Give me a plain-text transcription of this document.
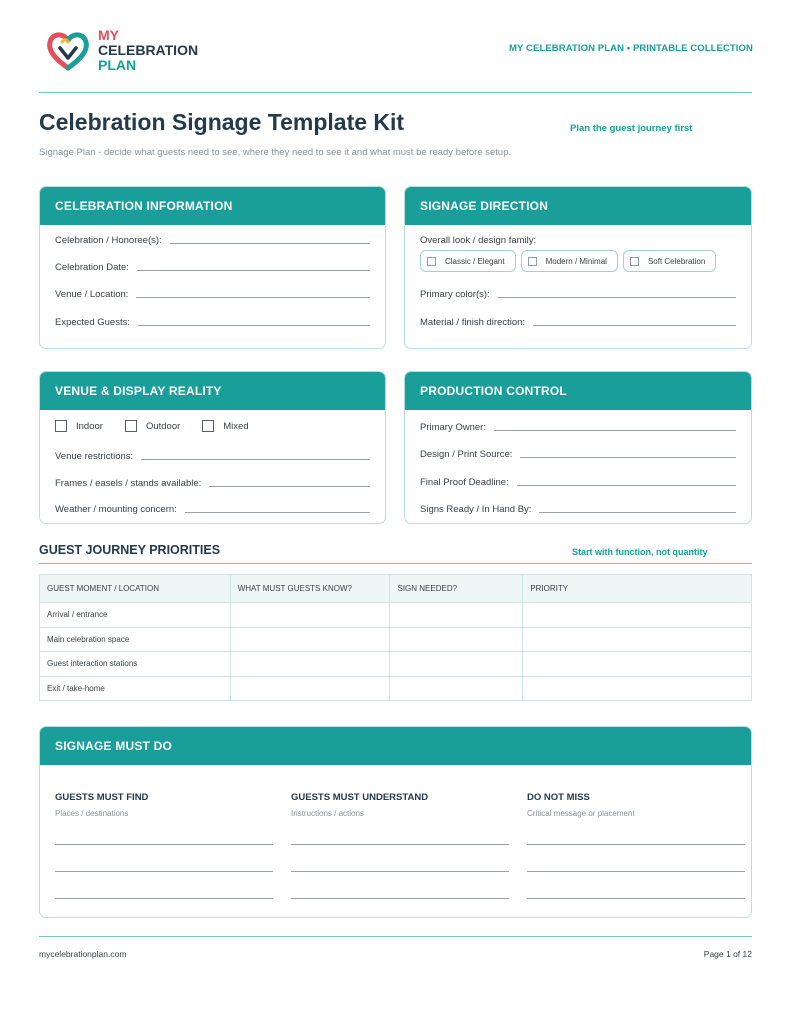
MY
CELEBRATION
PLAN
MY CELEBRATION PLAN • PRINTABLE COLLECTION
Celebration Signage Template Kit	Plan the guest journey first
Signage Plan - decide what guests need to see, where they need to see it and what must be ready before setup.
CELEBRATION INFORMATION
Celebration / Honoree(s):
Celebration Date:
Venue / Location:
Expected Guests:
SIGNAGE DIRECTION
Overall look / design family:
Classic / Elegant	Modern / Minimal	Soft Celebration
Primary color(s):
Material / finish direction:
VENUE & DISPLAY REALITY
Indoor	Outdoor	Mixed
Venue restrictions:
Frames / easels / stands available:
Weather / mounting concern:
PRODUCTION CONTROL
Primary Owner:
Design / Print Source:
Final Proof Deadline:
Signs Ready / In Hand By:
GUEST JOURNEY PRIORITIES	Start with function, not quantity
GUEST MOMENT / LOCATION	WHAT MUST GUESTS KNOW?	SIGN NEEDED?	PRIORITY
Arrival / entrance			
Main celebration space			
Guest interaction stations			
Exit / take-home			
SIGNAGE MUST DO
GUESTS MUST FIND
Places / destinations
GUESTS MUST UNDERSTAND
Instructions / actions
DO NOT MISS
Critical message or placement
mycelebrationplan.com	Page 1 of 12
